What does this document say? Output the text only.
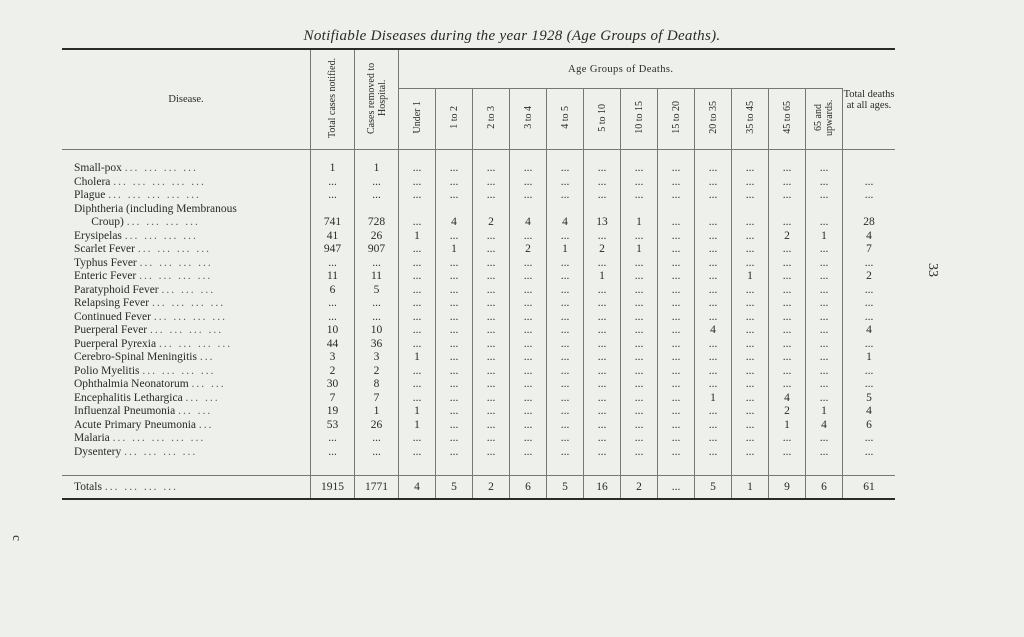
Notifiable Diseases during the year 1928 (Age Groups of Deaths).
33
c
Disease.	Total cases notified.	Cases removed to Hospital.	Age Groups of Deaths.												Total deaths at all ages.
			Under 1	1 to 2	2 to 3	3 to 4	4 to 5	5 to 10	10 to 15	15 to 20	20 to 35	35 to 45	45 to 65	65 and upwards.	

Small-pox ... ... ... ...	1	1	...	...	...	...	...	...	...	...	...	...	...	...	
Cholera ... ... ... ... ...	...	...	...	...	...	...	...	...	...	...	...	...	...	...	...
Plague ... ... ... ... ...	...	...	...	...	...	...	...	...	...	...	...	...	...	...	...
Diphtheria (including Membranous															
Croup) ... ... ... ...	741	728	...	4	2	4	4	13	1	...	...	...	...	...	28
Erysipelas ... ... ... ...	41	26	1	...	...	...	...	...	...	...	...	...	2	1	4
Scarlet Fever ... ... ... ...	947	907	...	1	...	2	1	2	1	...	...	...	...	...	7
Typhus Fever ... ... ... ...	...	...	...	...	...	...	...	...	...	...	...	...	...	...	...
Enteric Fever ... ... ... ...	11	11	...	...	...	...	...	1	...	...	...	1	...	...	2
Paratyphoid Fever ... ... ...	6	5	...	...	...	...	...	...	...	...	...	...	...	...	...
Relapsing Fever ... ... ... ...	...	...	...	...	...	...	...	...	...	...	...	...	...	...	...
Continued Fever ... ... ... ...	...	...	...	...	...	...	...	...	...	...	...	...	...	...	...
Puerperal Fever ... ... ... ...	10	10	...	...	...	...	...	...	...	...	4	...	...	...	4
Puerperal Pyrexia ... ... ... ...	44	36	...	...	...	...	...	...	...	...	...	...	...	...	...
Cerebro-Spinal Meningitis ...	3	3	1	...	...	...	...	...	...	...	...	...	...	...	1
Polio Myelitis ... ... ... ...	2	2	...	...	...	...	...	...	...	...	...	...	...	...	...
Ophthalmia Neonatorum ... ...	30	8	...	...	...	...	...	...	...	...	...	...	...	...	...
Encephalitis Lethargica ... ...	7	7	...	...	...	...	...	...	...	...	1	...	4	...	5
Influenzal Pneumonia ... ...	19	1	1	...	...	...	...	...	...	...	...	...	2	1	4
Acute Primary Pneumonia ...	53	26	1	...	...	...	...	...	...	...	...	...	1	4	6
Malaria ... ... ... ... ...	...	...	...	...	...	...	...	...	...	...	...	...	...	...	...
Dysentery ... ... ... ...	...	...	...	...	...	...	...	...	...	...	...	...	...	...	...

Totals ... ... ... ...	1915	1771	4	5	2	6	5	16	2	...	5	1	9	6	61
